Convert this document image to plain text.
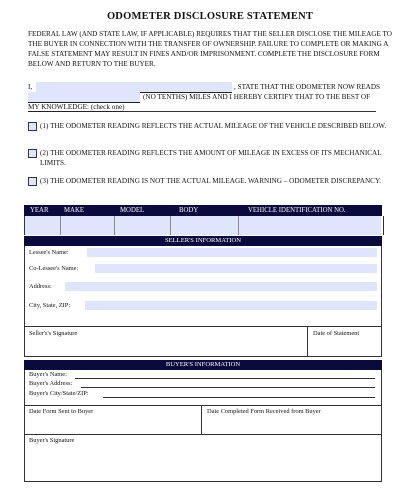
ODOMETER DISCLOSURE STATEMENT
FEDERAL LAW (AND STATE LAW, IF APPLICABLE) REQUIRES THAT THE SELLER DISCLOSE THE MILEAGE TO THE BUYER IN CONNECTION WITH THE TRANSFER OF OWNERSHIP. FAILURE TO COMPLETE OR MAKING A FALSE STATEMENT MAY RESULT IN FINES AND/OR IMPRISONMENT. COMPLETE THE DISCLOSURE FORM BELOW AND RETURN TO THE BUYER.
I,	, STATE THAT THE ODOMETER NOW READS
(NO TENTHS) MILES AND I HEREBY CERTIFY THAT TO THE BEST OF
MY KNOWLEDGE: (check one)
(1) THE ODOMETER READING REFLECTS THE ACTUAL MILEAGE OF THE VEHICLE DESCRIBED BELOW.
(2) THE ODOMETER READING REFLECTS THE AMOUNT OF MILEAGE IN EXCESS OF ITS MECHANICAL LIMITS.
(3) THE ODOMETER READING IS NOT THE ACTUAL MILEAGE. WARNING – ODOMETER DISCREPANCY.
YEAR MAKE	MODEL	BODY	VEHICLE IDENTIFICATION NO.
SELLER'S INFORMATION
Lessee's Name:
Co-Lessee's Name:
Address:
City, State, ZIP:
Seller's's Signature	Date of Statement
BUYER'S INFORMATION
Buyer's Name:
Buyer's Address:
Buyer's City/State/ZIP:
Date Form Sent to Buyer	Date Completed Form Received from Buyer
Buyer's Signature
